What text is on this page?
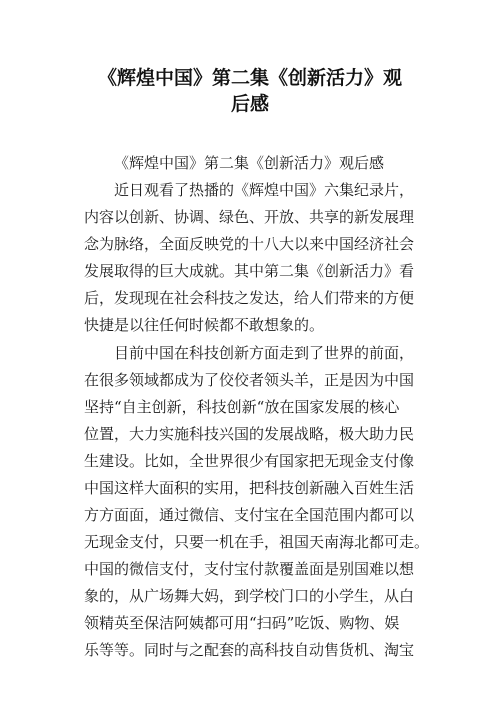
《辉煌中国》第二集《创新活力》观
后感
《辉煌中国》第二集《创新活力》观后感
近日观看了热播的《辉煌中国》六集纪录片，
内容以创新、协调、绿色、开放、共享的新发展理
念为脉络，全面反映党的十八大以来中国经济社会
发展取得的巨大成就。其中第二集《创新活力》看
后，发现现在社会科技之发达，给人们带来的方便
快捷是以往任何时候都不敢想象的。
目前中国在科技创新方面走到了世界的前面，
在很多领域都成为了佼佼者领头羊，正是因为中国
坚持“自主创新，科技创新“放在国家发展的核心
位置，大力实施科技兴国的发展战略，极大助力民
生建设。比如，全世界很少有国家把无现金支付像
中国这样大面积的实用，把科技创新融入百姓生活
方方面面，通过微信、支付宝在全国范围内都可以
无现金支付，只要一机在手，祖国天南海北都可走。
中国的微信支付，支付宝付款覆盖面是别国难以想
象的，从广场舞大妈，到学校门口的小学生，从白
领精英至保洁阿姨都可用“扫码”吃饭、购物、娱
乐等等。同时与之配套的高科技自动售货机、淘宝
